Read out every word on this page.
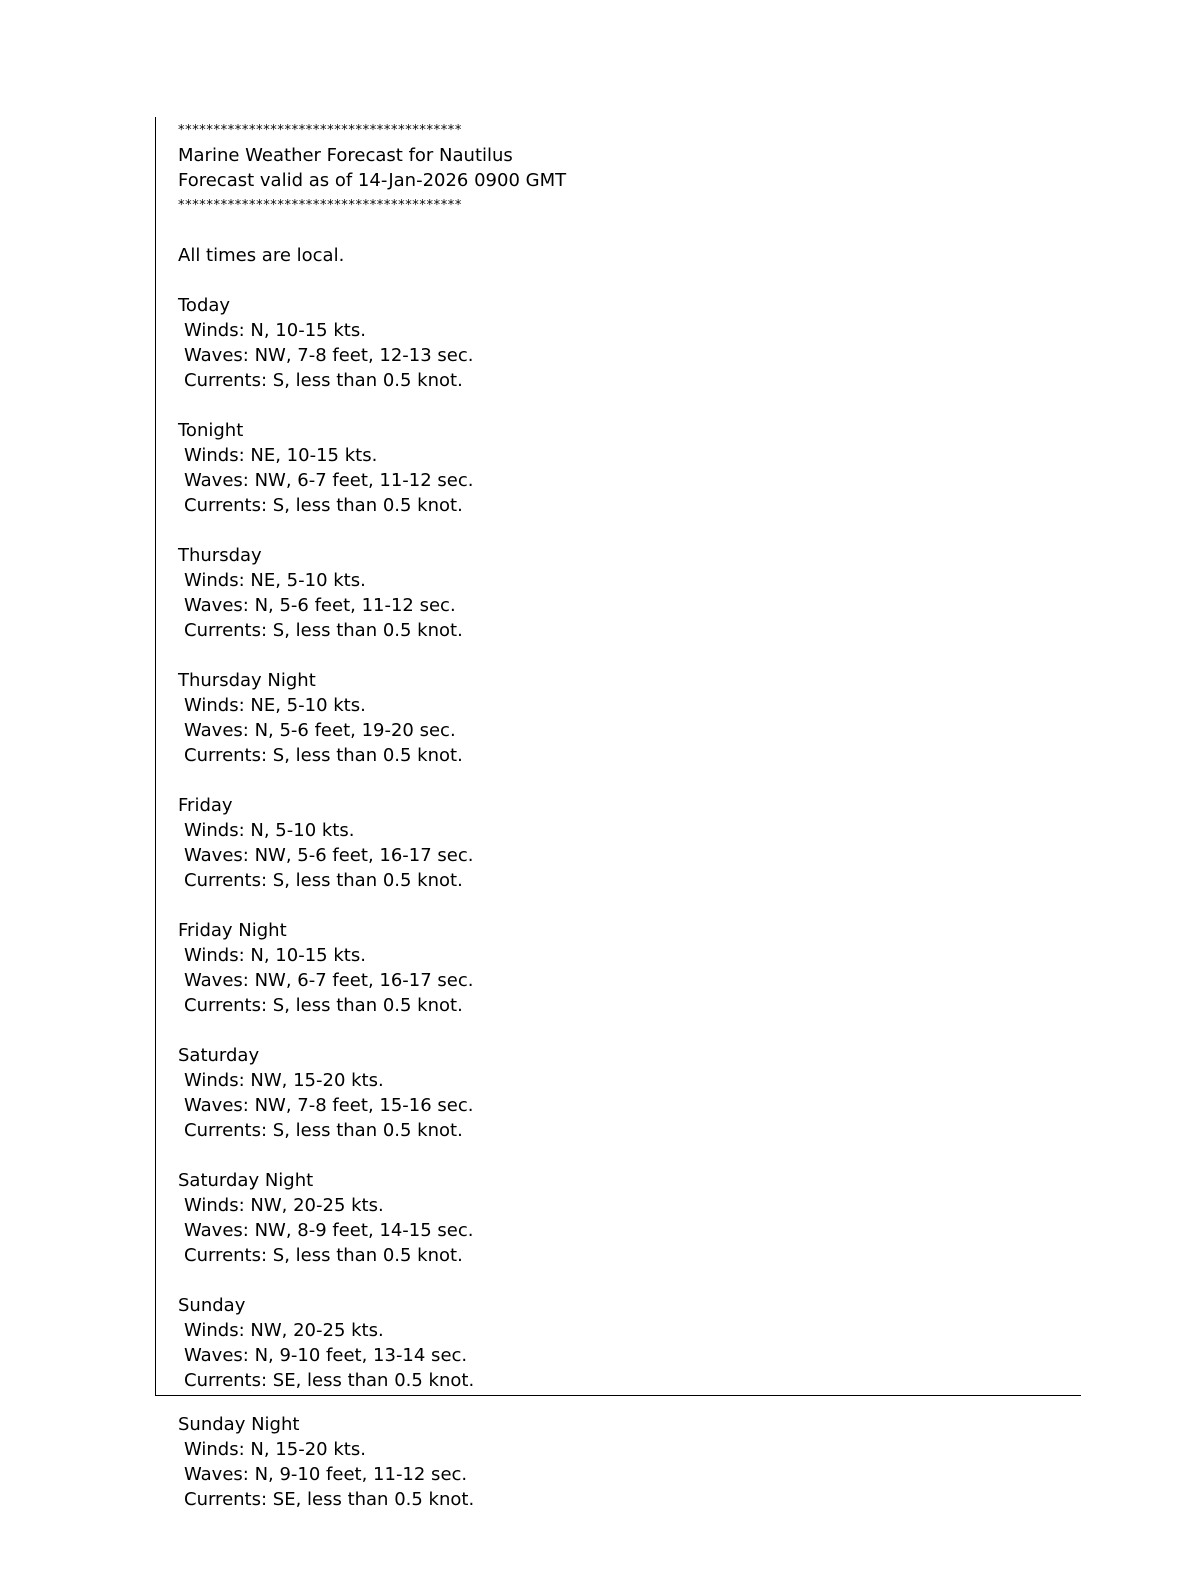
****************************************
Marine Weather Forecast for Nautilus
Forecast valid as of 14-Jan-2026 0900 GMT
****************************************
All times are local.
Today
Winds: N, 10-15 kts.
Waves: NW, 7-8 feet, 12-13 sec.
Currents: S, less than 0.5 knot.
Tonight
Winds: NE, 10-15 kts.
Waves: NW, 6-7 feet, 11-12 sec.
Currents: S, less than 0.5 knot.
Thursday
Winds: NE, 5-10 kts.
Waves: N, 5-6 feet, 11-12 sec.
Currents: S, less than 0.5 knot.
Thursday Night
Winds: NE, 5-10 kts.
Waves: N, 5-6 feet, 19-20 sec.
Currents: S, less than 0.5 knot.
Friday
Winds: N, 5-10 kts.
Waves: NW, 5-6 feet, 16-17 sec.
Currents: S, less than 0.5 knot.
Friday Night
Winds: N, 10-15 kts.
Waves: NW, 6-7 feet, 16-17 sec.
Currents: S, less than 0.5 knot.
Saturday
Winds: NW, 15-20 kts.
Waves: NW, 7-8 feet, 15-16 sec.
Currents: S, less than 0.5 knot.
Saturday Night
Winds: NW, 20-25 kts.
Waves: NW, 8-9 feet, 14-15 sec.
Currents: S, less than 0.5 knot.
Sunday
Winds: NW, 20-25 kts.
Waves: N, 9-10 feet, 13-14 sec.
Currents: SE, less than 0.5 knot.
Sunday Night
Winds: N, 15-20 kts.
Waves: N, 9-10 feet, 11-12 sec.
Currents: SE, less than 0.5 knot.
